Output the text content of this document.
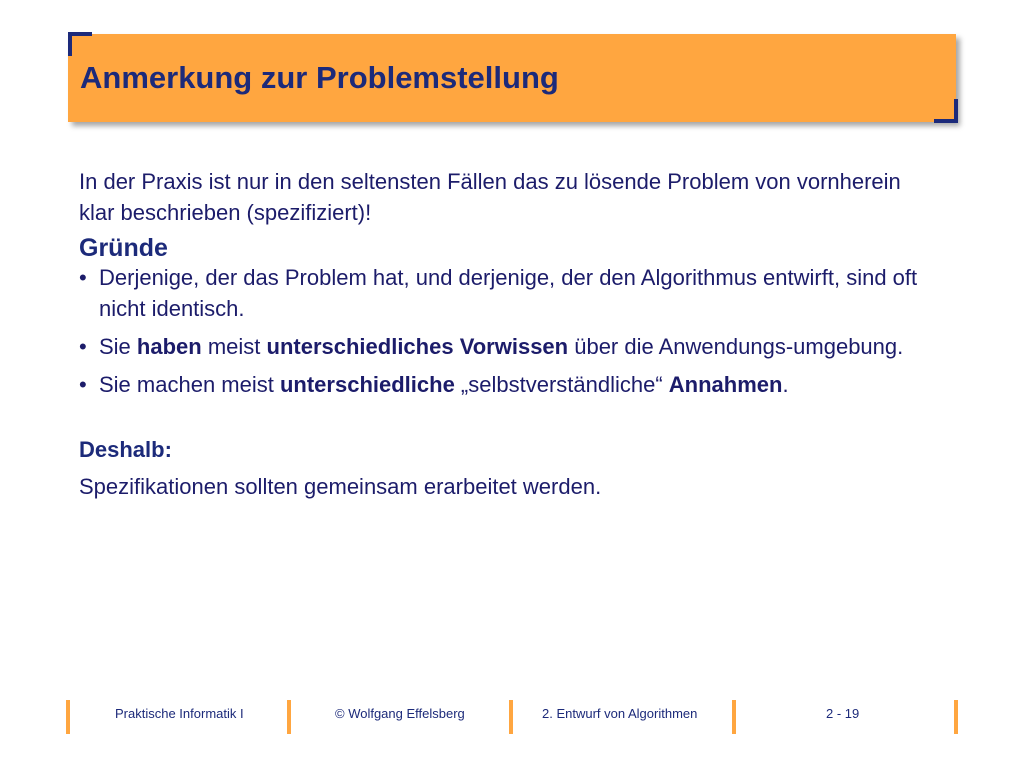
Anmerkung zur Problemstellung

In der Praxis ist nur in den seltensten Fällen das zu lösende Problem von vornherein klar beschrieben (spezifiziert)!

Gründe
• Derjenige, der das Problem hat, und derjenige, der den Algorithmus entwirft, sind oft nicht identisch.
• Sie haben meist unterschiedliches Vorwissen über die Anwendungs-umgebung.
• Sie machen meist unterschiedliche „selbstverständliche“ Annahmen.
Deshalb:

Spezifikationen sollten gemeinsam erarbeitet werden.

Praktische Informatik I	© Wolfgang Effelsberg	2. Entwurf von Algorithmen	2 - 19
